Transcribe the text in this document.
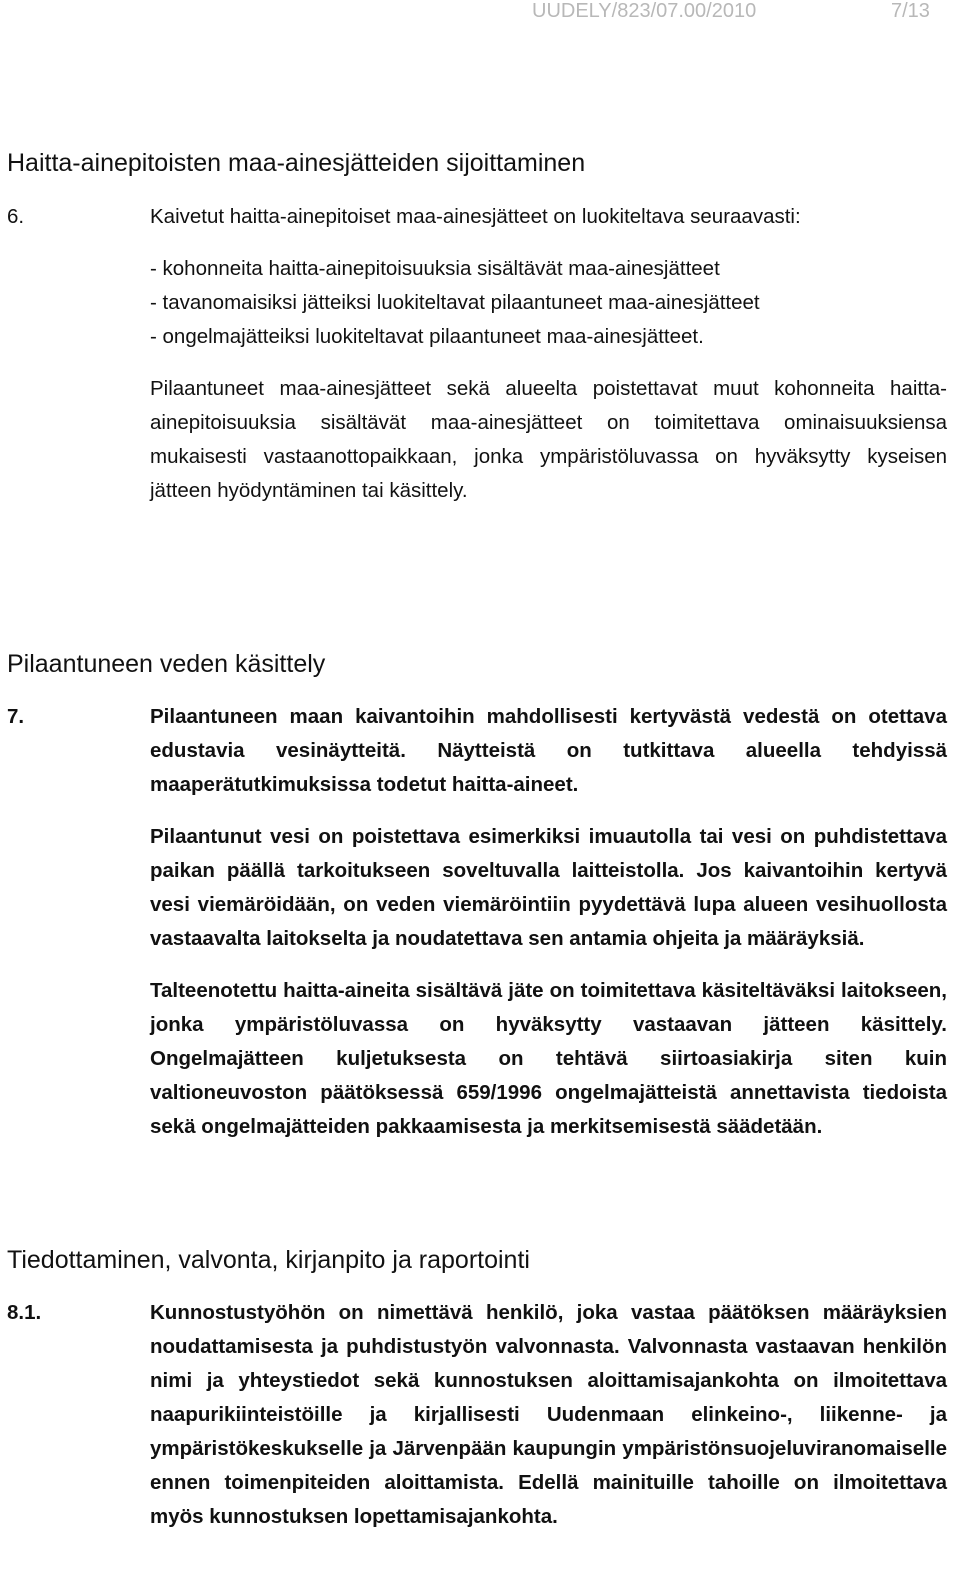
UUDELY/823/07.00/2010	7/13
Haitta-ainepitoisten maa-ainesjätteiden sijoittaminen
6.	Kaivetut haitta-ainepitoiset maa-ainesjätteet on luokiteltava seuraavasti:

- kohonneita haitta-ainepitoisuuksia sisältävät maa-ainesjätteet
- tavanomaisiksi jätteiksi luokiteltavat pilaantuneet maa-ainesjätteet
- ongelmajätteiksi luokiteltavat pilaantuneet maa-ainesjätteet.

Pilaantuneet maa-ainesjätteet sekä alueelta poistettavat muut kohonneita haitta-ainepitoisuuksia sisältävät maa-ainesjätteet on toimitettava ominaisuuksiensa mukaisesti vastaanottopaikkaan, jonka ympäristöluvassa on hyväksytty kyseisen jätteen hyödyntäminen tai käsittely.

Pilaantuneen veden käsittely
7.	Pilaantuneen maan kaivantoihin mahdollisesti kertyvästä vedestä on otettava edustavia vesinäytteitä. Näytteistä on tutkittava alueella tehdyissä maaperätutkimuksissa todetut haitta-aineet.

Pilaantunut vesi on poistettava esimerkiksi imuautolla tai vesi on puhdistettava paikan päällä tarkoitukseen soveltuvalla laitteistolla. Jos kaivantoihin kertyvä vesi viemäröidään, on veden viemäröintiin pyydettävä lupa alueen vesihuollosta vastaavalta laitokselta ja noudatettava sen antamia ohjeita ja määräyksiä.

Talteenotettu haitta-aineita sisältävä jäte on toimitettava käsiteltäväksi laitokseen, jonka ympäristöluvassa on hyväksytty vastaavan jätteen käsittely. Ongelmajätteen kuljetuksesta on tehtävä siirtoasiakirja siten kuin valtioneuvoston päätöksessä 659/1996 ongelmajätteistä annettavista tiedoista sekä ongelmajätteiden pakkaamisesta ja merkitsemisestä säädetään.

Tiedottaminen, valvonta, kirjanpito ja raportointi
8.1.	Kunnostustyöhön on nimettävä henkilö, joka vastaa päätöksen määräyksien noudattamisesta ja puhdistustyön valvonnasta. Valvonnasta vastaavan henkilön nimi ja yhteystiedot sekä kunnostuksen aloittamisajankohta on ilmoitettava naapurikiinteistöille ja kirjallisesti Uudenmaan elinkeino-, liikenne- ja ympäristökeskukselle ja Järvenpään kaupungin ympäristönsuojeluviranomaiselle ennen toimenpiteiden aloittamista. Edellä mainituille tahoille on ilmoitettava myös kunnostuksen lopettamisajankohta.
